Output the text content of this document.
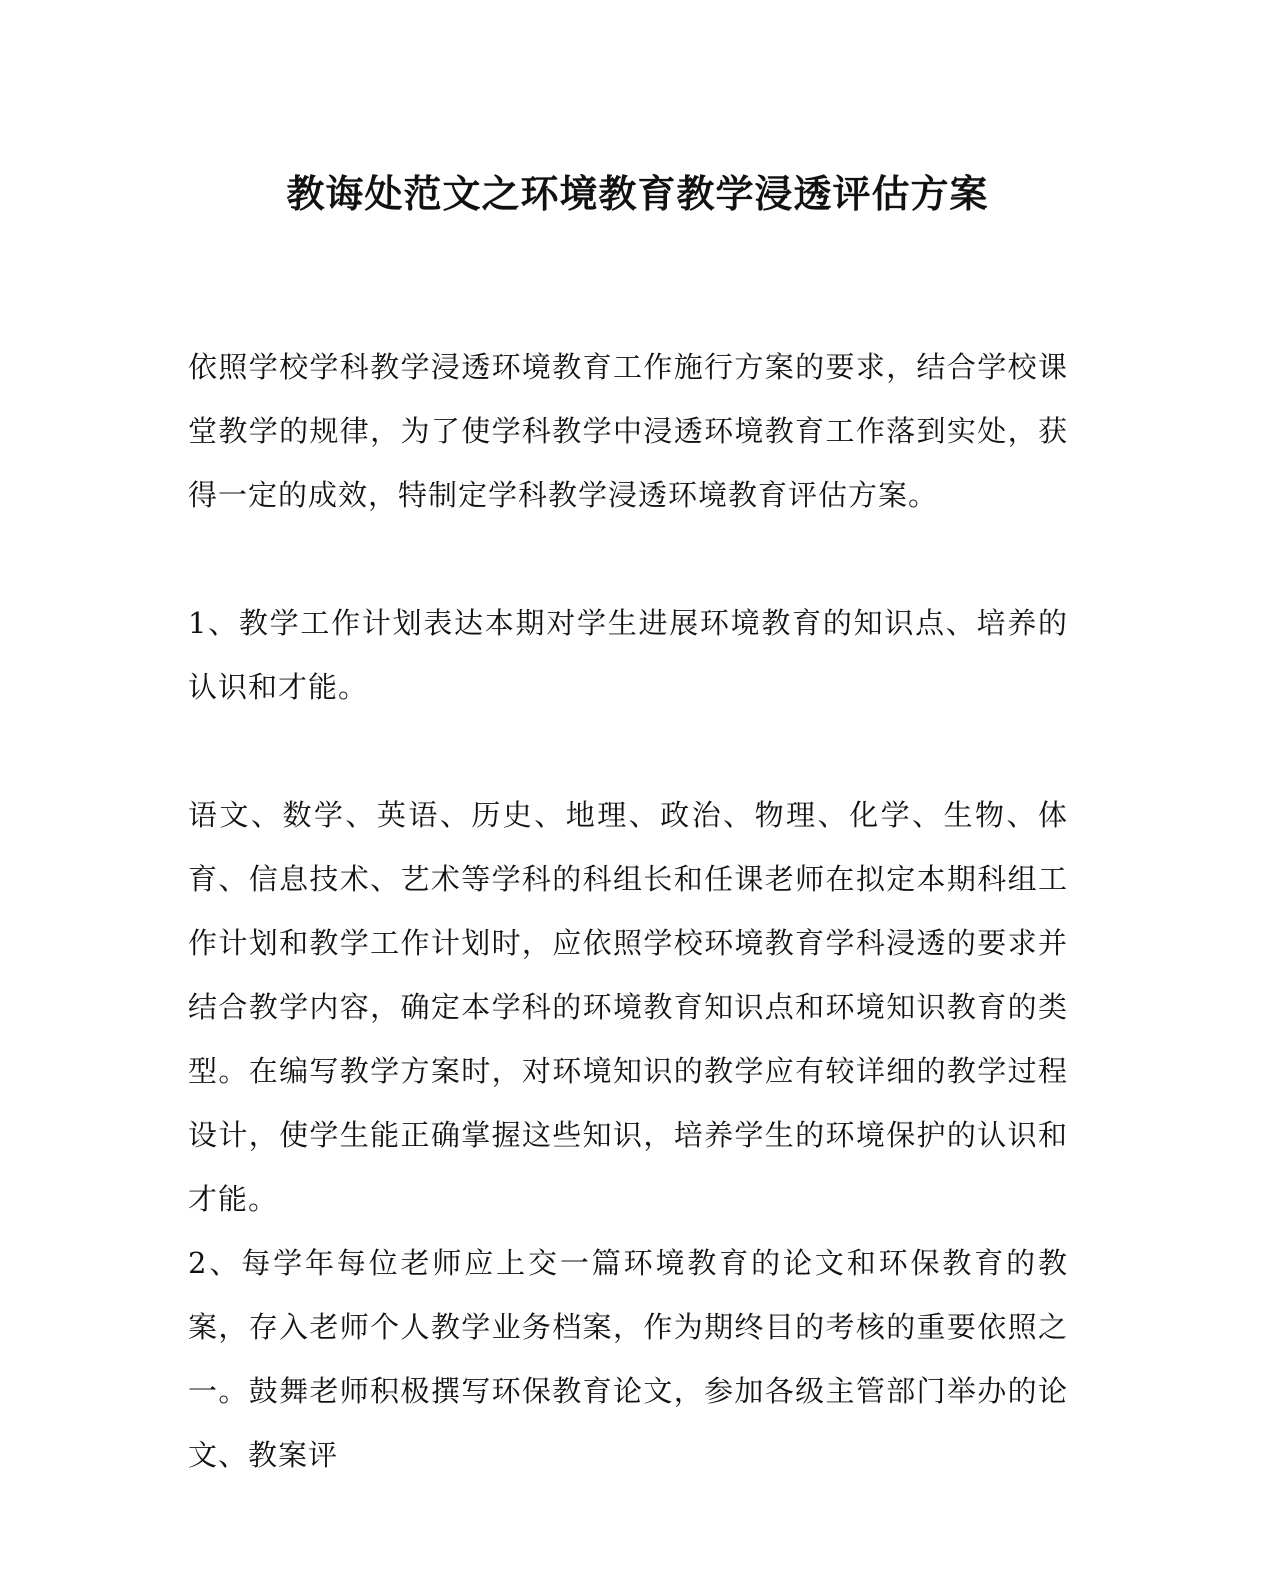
教诲处范文之环境教育教学浸透评估方案

依照学校学科教学浸透环境教育工作施行方案的要求，结合学校课堂教学的规律，为了使学科教学中浸透环境教育工作落到实处，获得一定的成效，特制定学科教学浸透环境教育评估方案。

1、教学工作计划表达本期对学生进展环境教育的知识点、培养的认识和才能。

语文、数学、英语、历史、地理、政治、物理、化学、生物、体育、信息技术、艺术等学科的科组长和任课老师在拟定本期科组工作计划和教学工作计划时，应依照学校环境教育学科浸透的要求并结合教学内容，确定本学科的环境教育知识点和环境知识教育的类型。在编写教学方案时，对环境知识的教学应有较详细的教学过程设计，使学生能正确掌握这些知识，培养学生的环境保护的认识和才能。

2、每学年每位老师应上交一篇环境教育的论文和环保教育的教案，存入老师个人教学业务档案，作为期终目的考核的重要依照之一。鼓舞老师积极撰写环保教育论文，参加各级主管部门举办的论文、教案评
